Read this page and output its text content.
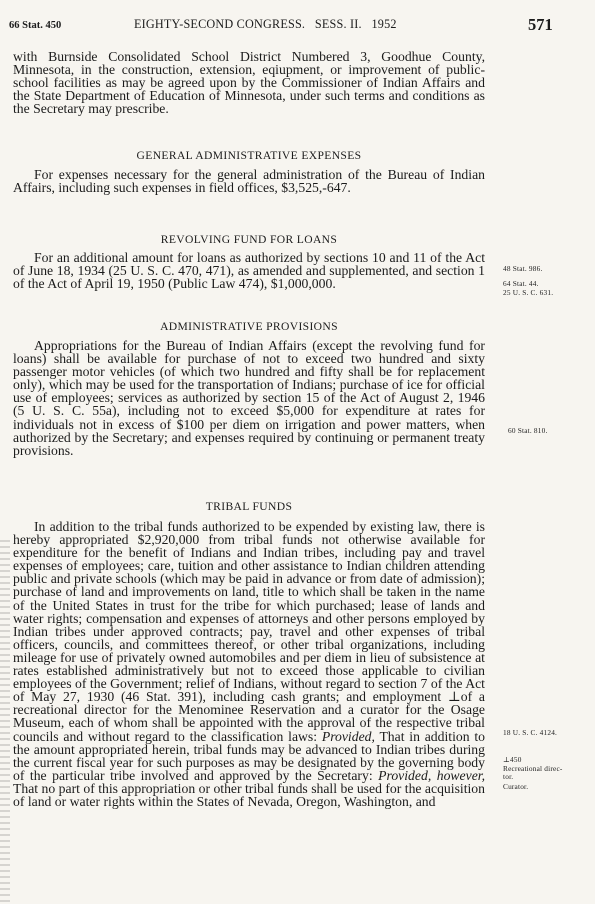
66 Stat. 450	EIGHTY-SECOND CONGRESS.   SESS. II.   1952	571

with Burnside Consolidated School District Numbered 3, Goodhue County, Minnesota, in the construction, extension, eqiupment, or improvement of public-school facilities as may be agreed upon by the Commissioner of Indian Affairs and the State Department of Education of Minnesota, under such terms and conditions as the Secretary may prescribe.

GENERAL ADMINISTRATIVE EXPENSES

For expenses necessary for the general administration of the Bureau of Indian Affairs, including such expenses in field offices, $3,525,-647.

REVOLVING FUND FOR LOANS

For an additional amount for loans as authorized by sections 10 and 11 of the Act of June 18, 1934 (25 U. S. C. 470, 471), as amended and supplemented, and section 1 of the Act of April 19, 1950 (Public Law 474), $1,000,000.

ADMINISTRATIVE PROVISIONS

Appropriations for the Bureau of Indian Affairs (except the revolving fund for loans) shall be available for purchase of not to exceed two hundred and sixty passenger motor vehicles (of which two hundred and fifty shall be for replacement only), which may be used for the transportation of Indians; purchase of ice for official use of employees; services as authorized by section 15 of the Act of August 2, 1946 (5 U. S. C. 55a), including not to exceed $5,000 for expenditure at rates for individuals not in excess of $100 per diem on irrigation and power matters, when authorized by the Secretary; and expenses required by continuing or permanent treaty provisions.

TRIBAL FUNDS

In addition to the tribal funds authorized to be expended by existing law, there is hereby appropriated $2,920,000 from tribal funds not otherwise available for expenditure for the benefit of Indians and Indian tribes, including pay and travel expenses of employees; care, tuition and other assistance to Indian children attending public and private schools (which may be paid in advance or from date of admission); purchase of land and improvements on land, title to which shall be taken in the name of the United States in trust for the tribe for which purchased; lease of lands and water rights; compensation and expenses of attorneys and other persons employed by Indian tribes under approved contracts; pay, travel and other expenses of tribal officers, councils, and committees thereof, or other tribal organizations, including mileage for use of privately owned automobiles and per diem in lieu of subsistence at rates established administratively but not to exceed those applicable to civilian employees of the Government; relief of Indians, without regard to section 7 of the Act of May 27, 1930 (46 Stat. 391), including cash grants; and employment ⊥of a recreational director for the Menominee Reservation and a curator for the Osage Museum, each of whom shall be appointed with the approval of the respective tribal councils and without regard to the classification laws: Provided, That in addition to the amount appropriated herein, tribal funds may be advanced to Indian tribes during the current fiscal year for such purposes as may be designated by the governing body of the particular tribe involved and approved by the Secretary: Provided, however, That no part of this appropriation or other tribal funds shall be used for the acquisition of land or water rights within the States of Nevada, Oregon, Washington, and

48 Stat. 986.
64 Stat. 44.
25 U. S. C. 631.
60 Stat. 810.
18 U. S. C. 4124.
⊥450
Recreational direc-
tor.
Curator.
